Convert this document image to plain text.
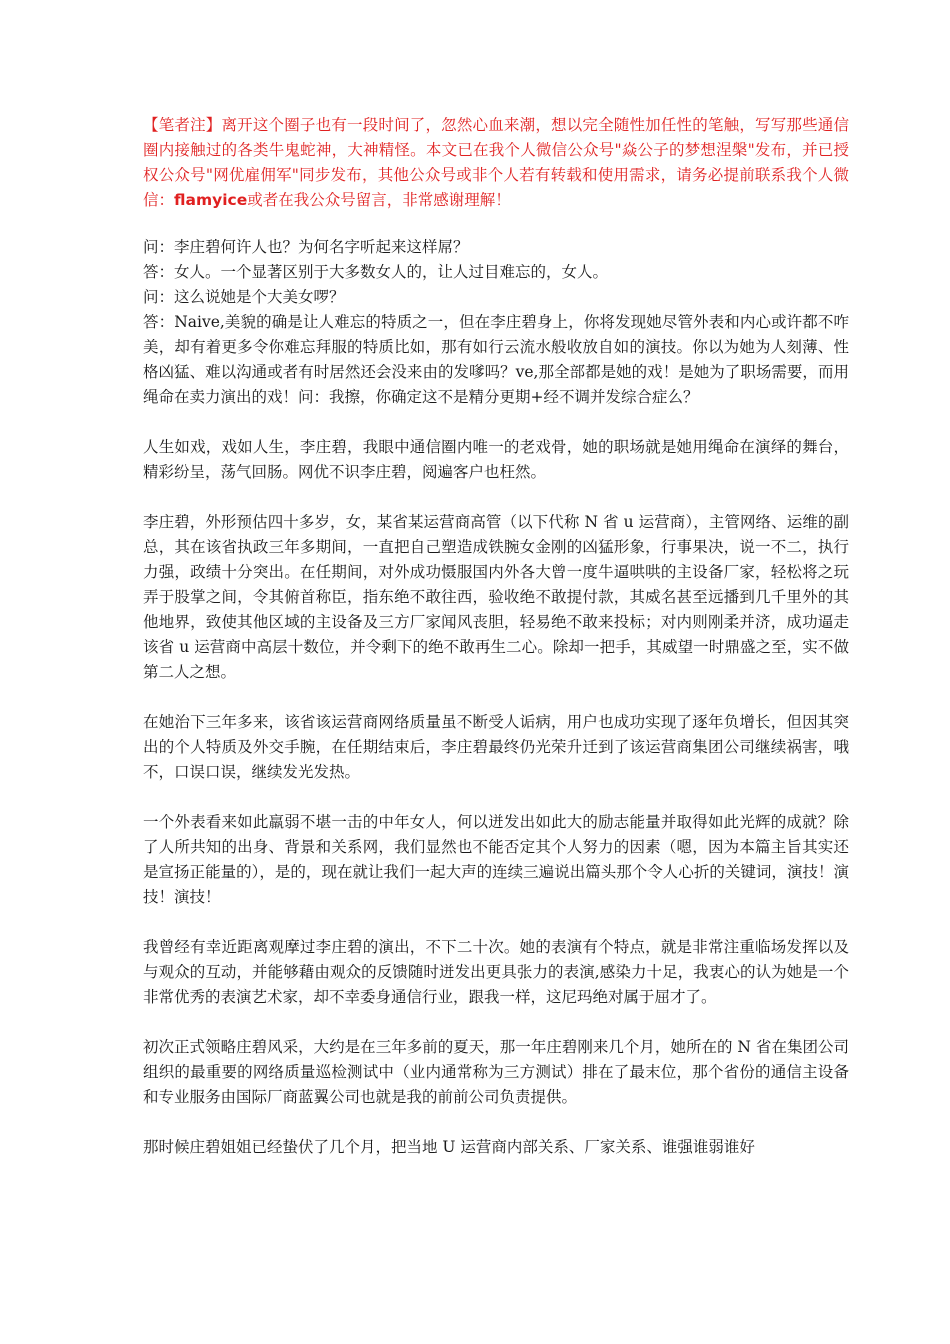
【笔者注】离开这个圈子也有一段时间了，忽然心血来潮，想以完全随性加任性的笔触，写写那些通信圈内接触过的各类牛鬼蛇神，大神精怪。本文已在我个人微信公众号"焱公子的梦想涅槃"发布，并已授权公众号"网优雇佣军"同步发布，其他公众号或非个人若有转载和使用需求，请务必提前联系我个人微信：flamyice或者在我公众号留言，非常感谢理解！

问：李庄碧何许人也？为何名字听起来这样屌？

答：女人。一个显著区别于大多数女人的，让人过目难忘的，女人。

问：这么说她是个大美女啰？

答：Naive,美貌的确是让人难忘的特质之一，但在李庄碧身上，你将发现她尽管外表和内心或许都不咋美，却有着更多令你难忘拜服的特质比如，那有如行云流水般收放自如的演技。你以为她为人刻薄、性格凶猛、难以沟通或者有时居然还会没来由的发嗲吗？ve,那全部都是她的戏！是她为了职场需要，而用绳命在卖力演出的戏！问：我擦，你确定这不是精分更期+经不调并发综合症么？

人生如戏，戏如人生，李庄碧，我眼中通信圈内唯一的老戏骨，她的职场就是她用绳命在演绎的舞台，精彩纷呈，荡气回肠。网优不识李庄碧，阅遍客户也枉然。

李庄碧，外形预估四十多岁，女，某省某运营商高管（以下代称 N 省 u 运营商），主管网络、运维的副总，其在该省执政三年多期间，一直把自己塑造成铁腕女金刚的凶猛形象，行事果决，说一不二，执行力强，政绩十分突出。在任期间，对外成功慑服国内外各大曾一度牛逼哄哄的主设备厂家，轻松将之玩弄于股掌之间，令其俯首称臣，指东绝不敢往西，验收绝不敢提付款，其威名甚至远播到几千里外的其他地界，致使其他区域的主设备及三方厂家闻风丧胆，轻易绝不敢来投标；对内则刚柔并济，成功逼走该省 u 运营商中高层十数位，并令剩下的绝不敢再生二心。除却一把手，其威望一时鼎盛之至，实不做第二人之想。

在她治下三年多来，该省该运营商网络质量虽不断受人诟病，用户也成功实现了逐年负增长，但因其突出的个人特质及外交手腕，在任期结束后，李庄碧最终仍光荣升迁到了该运营商集团公司继续祸害，哦不，口误口误，继续发光发热。

一个外表看来如此羸弱不堪一击的中年女人，何以迸发出如此大的励志能量并取得如此光辉的成就？除了人所共知的出身、背景和关系网，我们显然也不能否定其个人努力的因素（嗯，因为本篇主旨其实还是宣扬正能量的），是的，现在就让我们一起大声的连续三遍说出篇头那个令人心折的关键词，演技！演技！演技！

我曾经有幸近距离观摩过李庄碧的演出，不下二十次。她的表演有个特点，就是非常注重临场发挥以及与观众的互动，并能够藉由观众的反馈随时迸发出更具张力的表演,感染力十足，我衷心的认为她是一个非常优秀的表演艺术家，却不幸委身通信行业，跟我一样，这尼玛绝对属于屈才了。

初次正式领略庄碧风采，大约是在三年多前的夏天，那一年庄碧刚来几个月，她所在的 N 省在集团公司组织的最重要的网络质量巡检测试中（业内通常称为三方测试）排在了最末位，那个省份的通信主设备和专业服务由国际厂商蓝翼公司也就是我的前前公司负责提供。

那时候庄碧姐姐已经蛰伏了几个月，把当地 U 运营商内部关系、厂家关系、谁强谁弱谁好
